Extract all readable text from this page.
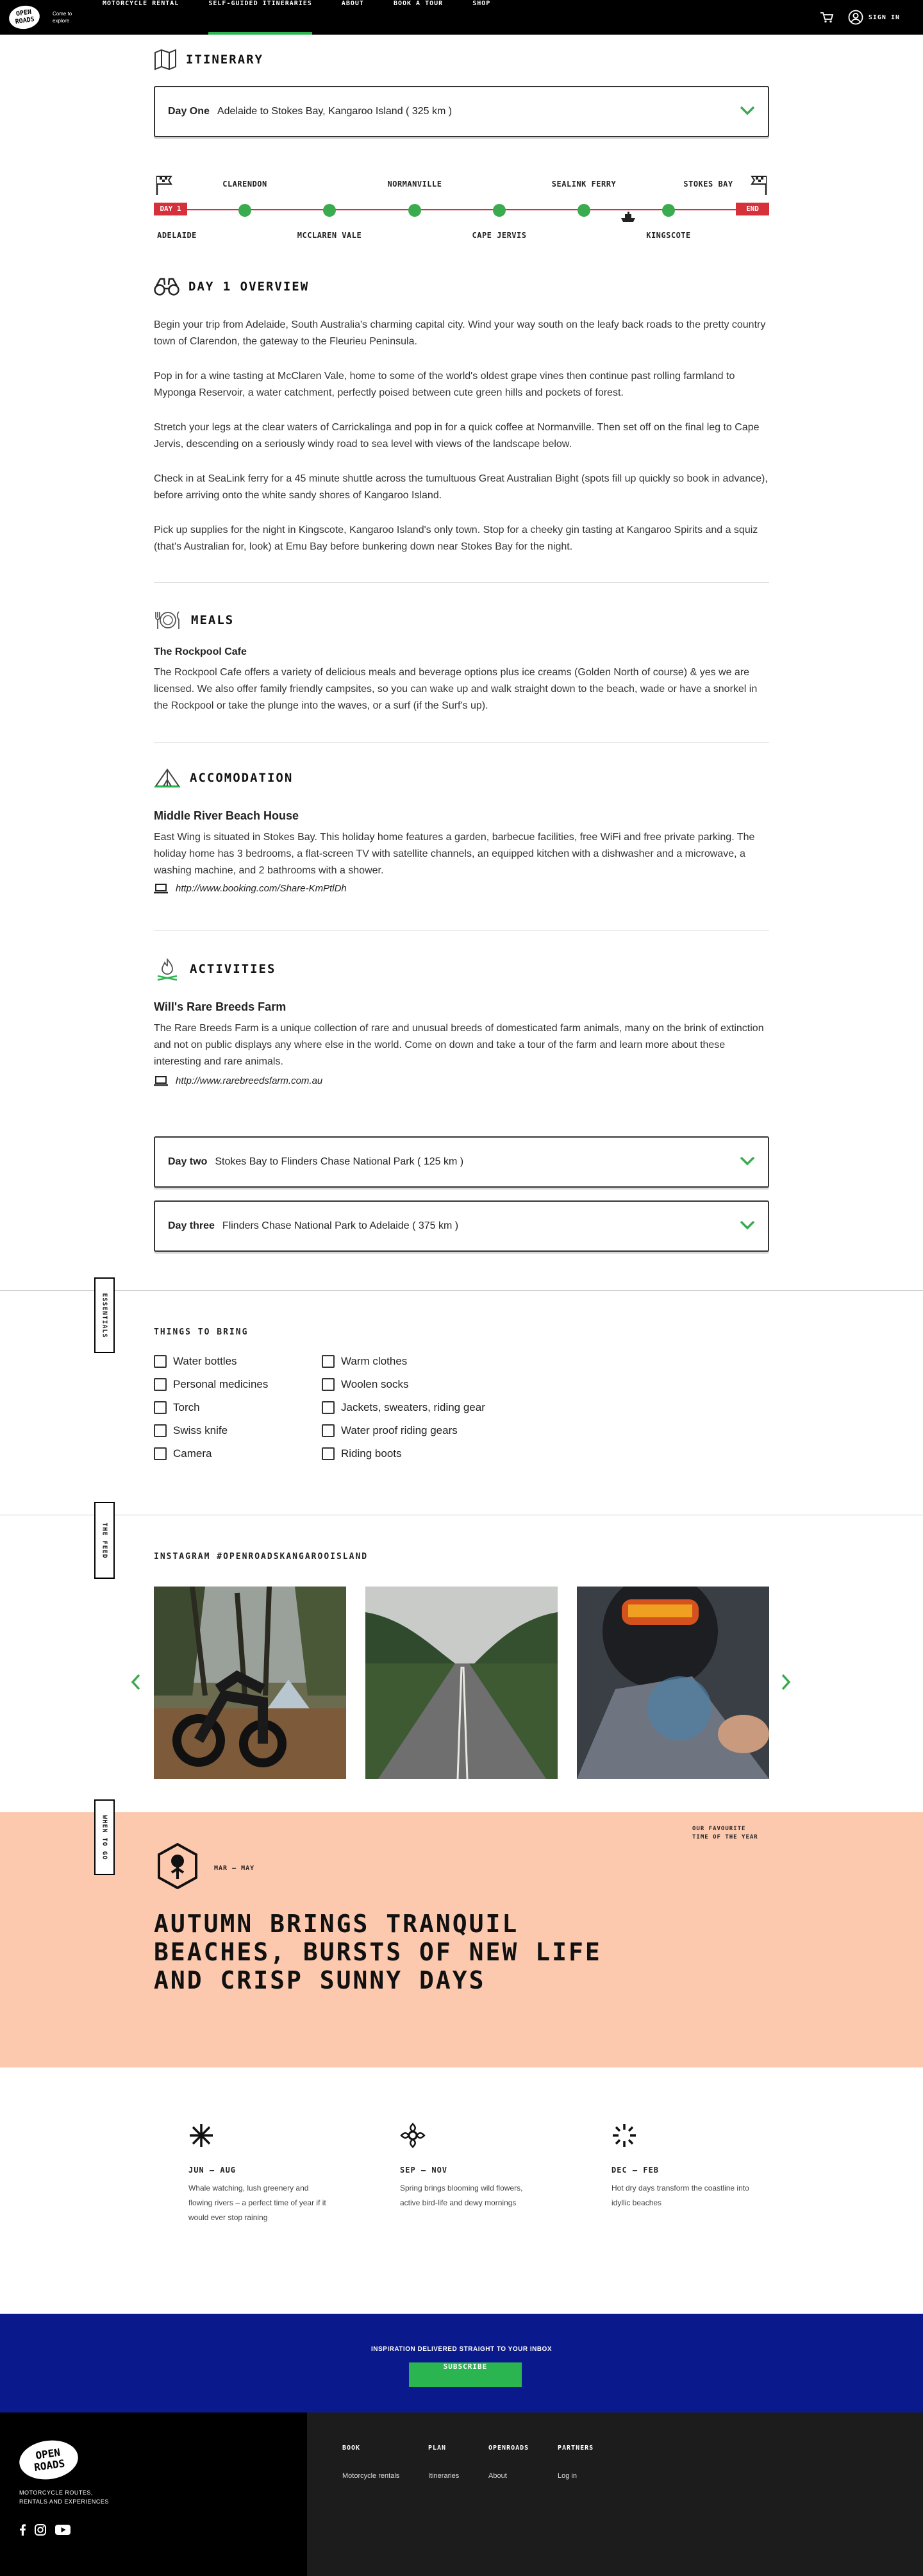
OPEN ROADS
Come to
explore
MOTORCYCLE RENTAL	SELF-GUIDED ITINERARIES	ABOUT	BOOK A TOUR	SHOP
SIGN IN
ITINERARY
Day One Adelaide to Stokes Bay, Kangaroo Island ( 325 km )
DAY 1	END
CLARENDON	NORMANVILLE	SEALINK FERRY	STOKES BAY
ADELAIDE	MCCLAREN VALE	CAPE JERVIS	KINGSCOTE
DAY 1 OVERVIEW

Begin your trip from Adelaide, South Australia's charming capital city. Wind your way south on the leafy back roads to the pretty country town of Clarendon, the gateway to the Fleurieu Peninsula.

Pop in for a wine tasting at McClaren Vale, home to some of the world's oldest grape vines then continue past rolling farmland to Myponga Reservoir, a water catchment, perfectly poised between cute green hills and pockets of forest.

Stretch your legs at the clear waters of Carrickalinga and pop in for a quick coffee at Normanville. Then set off on the final leg to Cape Jervis, descending on a seriously windy road to sea level with views of the landscape below.

Check in at SeaLink ferry for a 45 minute shuttle across the tumultuous Great Australian Bight (spots fill up quickly so book in advance), before arriving onto the white sandy shores of Kangaroo Island.

Pick up supplies for the night in Kingscote, Kangaroo Island's only town. Stop for a cheeky gin tasting at Kangaroo Spirits and a squiz (that's Australian for, look) at Emu Bay before bunkering down near Stokes Bay for the night.

MEALS
The Rockpool Cafe

The Rockpool Cafe offers a variety of delicious meals and beverage options plus ice creams (Golden North of course) & yes we are licensed. We also offer family friendly campsites, so you can wake up and walk straight down to the beach, wade or have a snorkel in the Rockpool or take the plunge into the waves, or a surf (if the Surf's up).

ACCOMODATION
Middle River Beach House

East Wing is situated in Stokes Bay. This holiday home features a garden, barbecue facilities, free WiFi and free private parking. The holiday home has 3 bedrooms, a flat-screen TV with satellite channels, an equipped kitchen with a dishwasher and a microwave, a washing machine, and 2 bathrooms with a shower.

http://www.booking.com/Share-KmPtlDh
ACTIVITIES
Will's Rare Breeds Farm

The Rare Breeds Farm is a unique collection of rare and unusual breeds of domesticated farm animals, many on the brink of extinction and not on public displays any where else in the world. Come on down and take a tour of the farm and learn more about these interesting and rare animals.

http://www.rarebreedsfarm.com.au
Day two Stokes Bay to Flinders Chase National Park ( 125 km )
Day three Flinders Chase National Park to Adelaide ( 375 km )
ESSENTIALS	THINGS TO BRING
Water bottles
Personal medicines
Torch
Swiss knife
Camera
Warm clothes
Woolen socks
Jackets, sweaters, riding gear
Water proof riding gears
Riding boots
THE FEED	INSTAGRAM #OPENROADSKANGAROOISLAND
MAR – MAY
OUR FAVOURITE
TIME OF THE YEAR
AUTUMN BRINGS TRANQUIL
BEACHES, BURSTS OF NEW LIFE
AND CRISP SUNNY DAYS
WHEN TO GO
JUN – AUG

Whale watching, lush greenery and flowing rivers – a perfect time of year if it would ever stop raining

SEP – NOV

Spring brings blooming wild flowers, active bird-life and dewy mornings

DEC – FEB

Hot dry days transform the coastline into idyllic beaches

INSPIRATION DELIVERED STRAIGHT TO YOUR INBOX
SUBSCRIBE
OPEN ROADS
MOTORCYCLE ROUTES,
RENTALS AND EXPERIENCES
BOOK
Motorcycle rentals
PLAN
Itineraries
OPENROADS
About
PARTNERS
Log in
